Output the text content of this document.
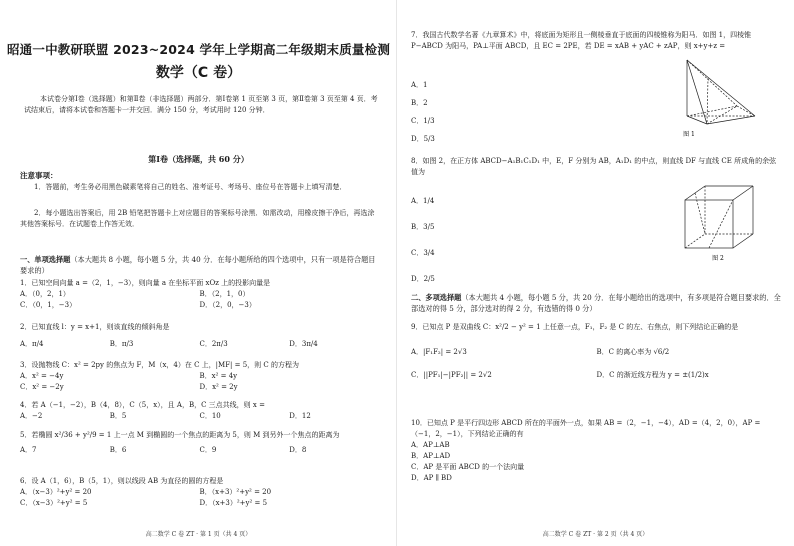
昭通一中教研联盟 2023~2024 学年上学期高二年级期末质量检测
数学（C 卷）
本试卷分第Ⅰ卷（选择题）和第Ⅱ卷（非选择题）两部分．第Ⅰ卷第 1 页至第 3 页，第Ⅱ卷第 3 页至第 4 页．考试结束后，请将本试卷和答题卡一并交回．满分 150 分，考试用时 120 分钟．
第Ⅰ卷（选择题，共 60 分）
注意事项：
1．答题前，考生务必用黑色碳素笔将自己的姓名、准考证号、考场号、座位号在答题卡上填写清楚．
2．每小题选出答案后，用 2B 铅笔把答题卡上对应题目的答案标号涂黑．如需改动，用橡皮擦干净后，再选涂其他答案标号．在试题卷上作答无效．
一、单项选择题（本大题共 8 小题，每小题 5 分，共 40 分．在每小题所给的四个选项中，只有一项是符合题目要求的）
1．已知空间向量 a =（2，1，−3），则向量 a 在坐标平面 xOz 上的投影向量是
A．（0，2，1）	B．（2，1，0）
C．（0，1，−3）	D．（2，0，−3）
2．已知直线 l：y = x+1，则该直线的倾斜角是
A．π/4	B．π/3	C．2π/3	D．3π/4
3．设抛物线 C：x² = 2py 的焦点为 F，M（x，4）在 C 上，|MF| = 5，则 C 的方程为
A．x² = −4y	B．x² = 4y
C．x² = −2y	D．x² = 2y
4．若 A（−1，−2），B（4，8），C（5，x），且 A，B，C 三点共线，则 x =
A．−2	B．5	C．10	D．12
5．若椭圆 x²/36 + y²/9 = 1 上一点 M 到椭圆的一个焦点的距离为 5，则 M 到另外一个焦点的距离为
A．7	B．6	C．9	D．8
6．设 A（1，6），B（5，1），则以线段 AB 为直径的圆的方程是
A．（x−3）²+y² = 20	B．（x+3）²+y² = 20
C．（x−3）²+y² = 5	D．（x+3）²+y² = 5
高二数学 C 卷 ZT · 第 1 页（共 4 页）
7．我国古代数学名著《九章算术》中，将底面为矩形且一侧棱垂直于底面的四棱锥称为阳马．如图 1，四棱锥 P−ABCD 为阳马，PA⊥平面 ABCD，且 EC = 2PE，若 DE = xAB + yAC + zAP，则 x+y+z =
A．1
B．2
C．1/3
D．5/3
图 1
8．如图 2，在正方体 ABCD−A₁B₁C₁D₁ 中，E，F 分别为 AB，A₁D₁ 的中点，则直线 DF 与直线 CE 所成角的余弦值为
A．1/4
B．3/5
C．3/4
D．2/5
图 2
二、多项选择题（本大题共 4 小题，每小题 5 分，共 20 分．在每小题给出的选项中，有多项是符合题目要求的．全部选对的得 5 分，部分选对的得 2 分，有选错的得 0 分）
9．已知点 P 是双曲线 C：x²/2 − y² = 1 上任意一点，F₁，F₂ 是 C 的左、右焦点，则下列结论正确的是
A．|F₁F₂| = 2√3	B．C 的离心率为 √6/2
C．||PF₁|−|PF₂|| = 2√2	D．C 的渐近线方程为 y = ±(1/2)x
10．已知点 P 是平行四边形 ABCD 所在的平面外一点，如果 AB =（2，−1，−4），AD =（4，2，0），AP =（−1，2，−1），下列结论正确的有
A．AP⊥AB
B．AP⊥AD
C．AP 是平面 ABCD 的一个法向量
D．AP ∥ BD
高二数学 C 卷 ZT · 第 2 页（共 4 页）
